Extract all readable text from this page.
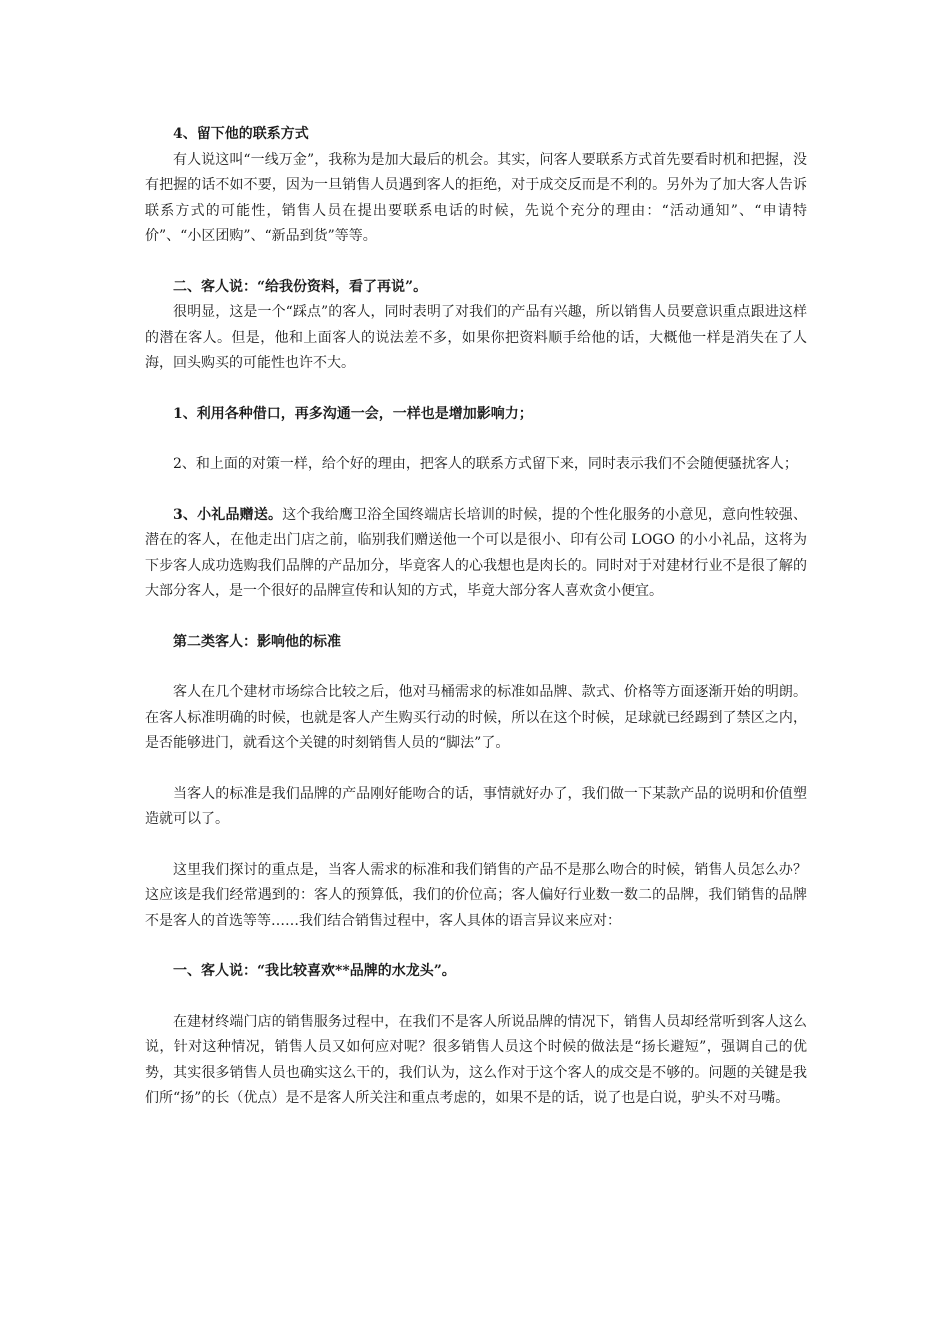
4、留下他的联系方式

有人说这叫“一线万金”，我称为是加大最后的机会。其实，问客人要联系方式首先要看时机和把握，没有把握的话不如不要，因为一旦销售人员遇到客人的拒绝，对于成交反而是不利的。另外为了加大客人告诉联系方式的可能性，销售人员在提出要联系电话的时候，先说个充分的理由：“活动通知”、“申请特价”、“小区团购”、“新品到货”等等。

二、客人说：“给我份资料，看了再说”。

很明显，这是一个“踩点”的客人，同时表明了对我们的产品有兴趣，所以销售人员要意识重点跟进这样的潜在客人。但是，他和上面客人的说法差不多，如果你把资料顺手给他的话，大概他一样是消失在了人海，回头购买的可能性也许不大。

1、利用各种借口，再多沟通一会，一样也是增加影响力；

2、和上面的对策一样，给个好的理由，把客人的联系方式留下来，同时表示我们不会随便骚扰客人；

3、小礼品赠送。这个我给鹰卫浴全国终端店长培训的时候，提的个性化服务的小意见，意向性较强、潜在的客人，在他走出门店之前，临别我们赠送他一个可以是很小、印有公司 LOGO 的小小礼品，这将为下步客人成功选购我们品牌的产品加分，毕竟客人的心我想也是肉长的。同时对于对建材行业不是很了解的大部分客人，是一个很好的品牌宣传和认知的方式，毕竟大部分客人喜欢贪小便宜。

第二类客人：影响他的标准

客人在几个建材市场综合比较之后，他对马桶需求的标准如品牌、款式、价格等方面逐渐开始的明朗。在客人标准明确的时候，也就是客人产生购买行动的时候，所以在这个时候，足球就已经踢到了禁区之内，是否能够进门，就看这个关键的时刻销售人员的“脚法”了。

当客人的标准是我们品牌的产品刚好能吻合的话，事情就好办了，我们做一下某款产品的说明和价值塑造就可以了。

这里我们探讨的重点是，当客人需求的标准和我们销售的产品不是那么吻合的时候，销售人员怎么办？这应该是我们经常遇到的：客人的预算低，我们的价位高；客人偏好行业数一数二的品牌，我们销售的品牌不是客人的首选等等……我们结合销售过程中，客人具体的语言异议来应对：

一、客人说：“我比较喜欢**品牌的水龙头”。

在建材终端门店的销售服务过程中，在我们不是客人所说品牌的情况下，销售人员却经常听到客人这么说，针对这种情况，销售人员又如何应对呢？很多销售人员这个时候的做法是“扬长避短”，强调自己的优势，其实很多销售人员也确实这么干的，我们认为，这么作对于这个客人的成交是不够的。问题的关键是我们所“扬”的长（优点）是不是客人所关注和重点考虑的，如果不是的话，说了也是白说，驴头不对马嘴。
